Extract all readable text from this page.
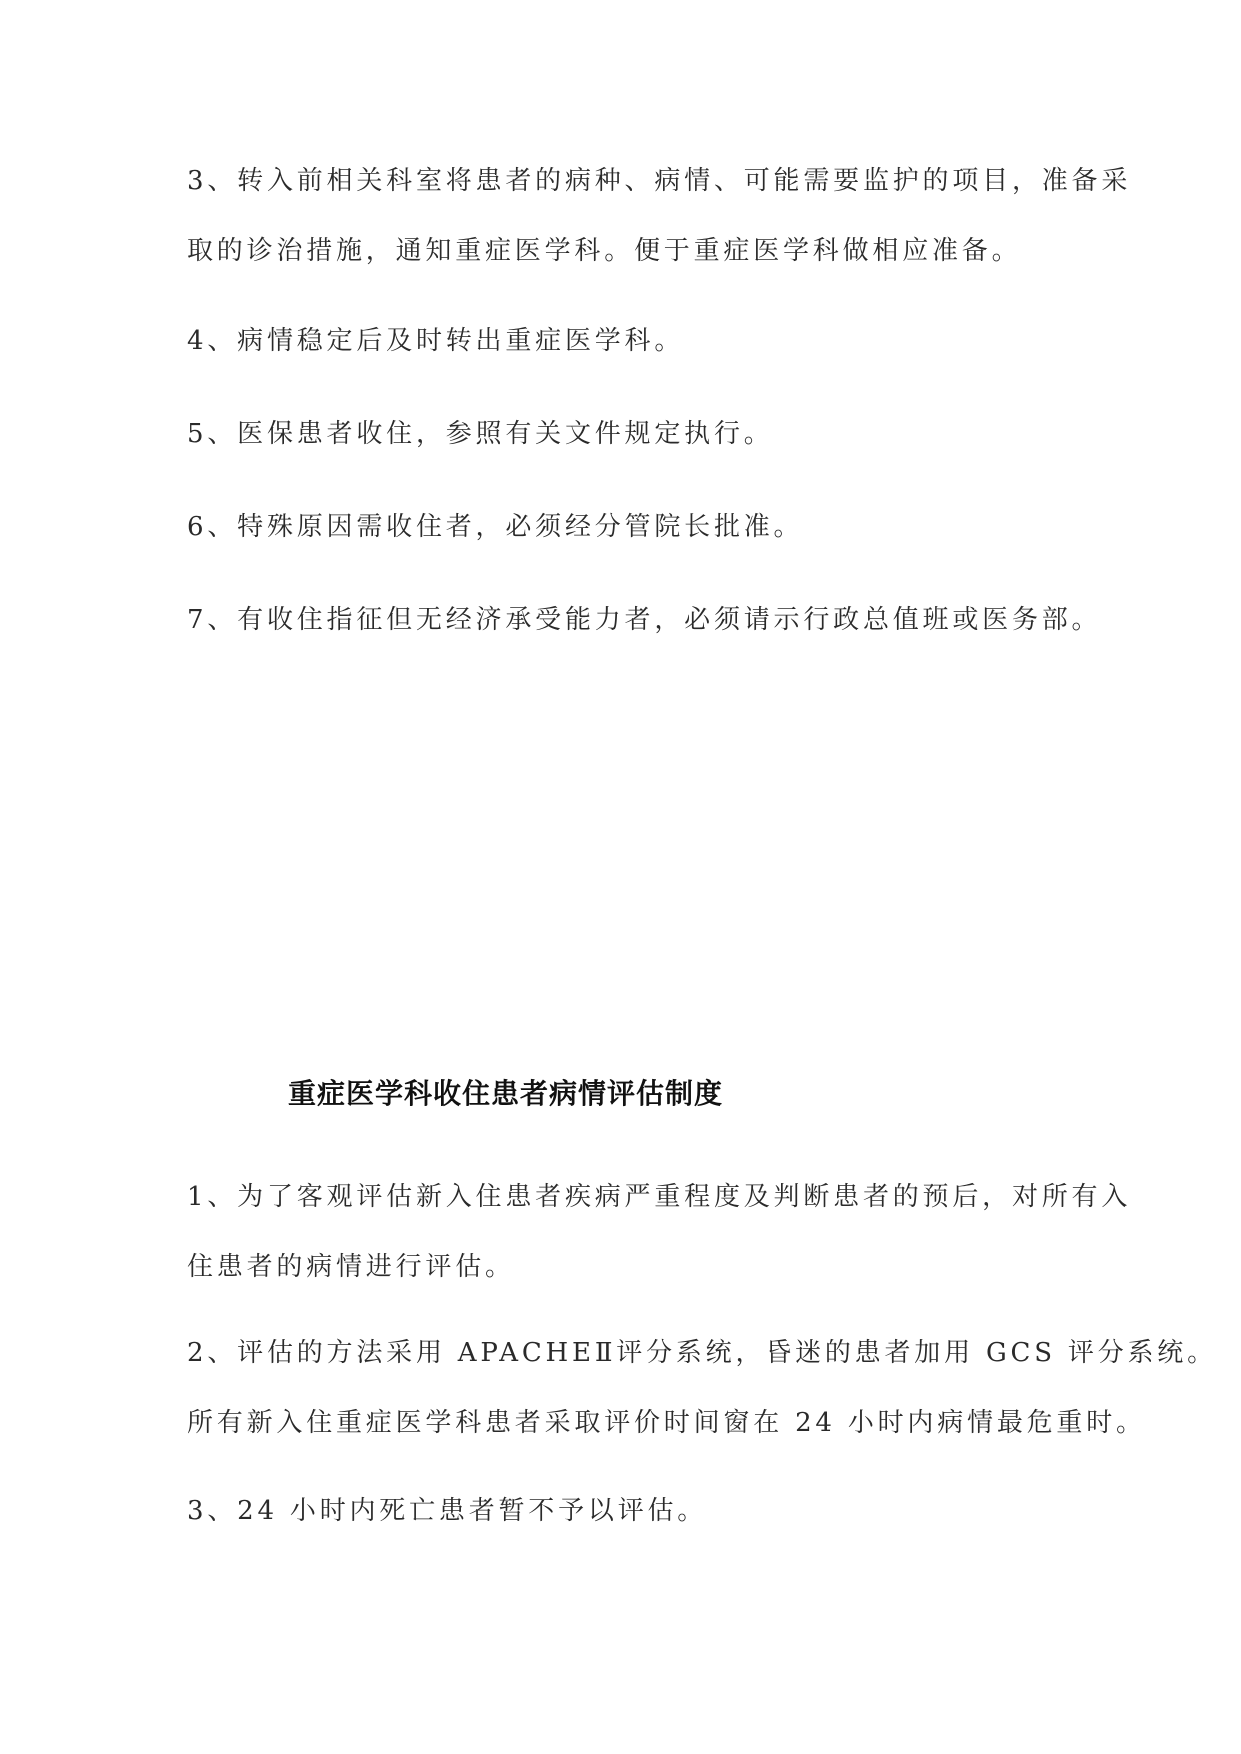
3、转入前相关科室将患者的病种、病情、可能需要监护的项目，准备采
取的诊治措施，通知重症医学科。便于重症医学科做相应准备。

4、病情稳定后及时转出重症医学科。

5、医保患者收住，参照有关文件规定执行。

6、特殊原因需收住者，必须经分管院长批准。

7、有收住指征但无经济承受能力者，必须请示行政总值班或医务部。

重症医学科收住患者病情评估制度

1、为了客观评估新入住患者疾病严重程度及判断患者的预后，对所有入
住患者的病情进行评估。

2、评估的方法采用 APACHEⅡ评分系统，昏迷的患者加用 GCS 评分系统。
所有新入住重症医学科患者采取评价时间窗在 24 小时内病情最危重时。

3、24 小时内死亡患者暂不予以评估。
